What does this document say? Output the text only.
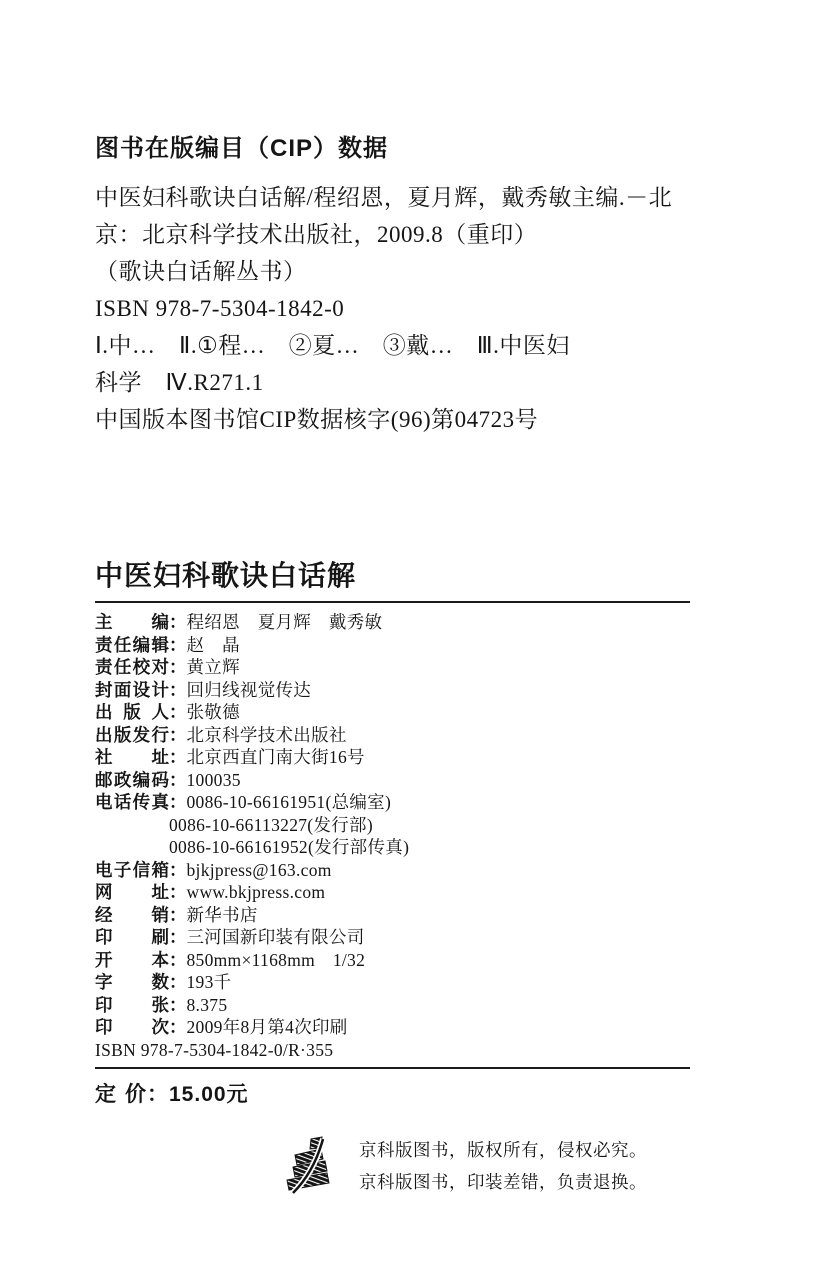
图书在版编目（CIP）数据
中医妇科歌诀白话解/程绍恩，夏月辉，戴秀敏主编.－北
京：北京科学技术出版社，2009.8（重印）
（歌诀白话解丛书）
ISBN 978-7-5304-1842-0
Ⅰ.中…　Ⅱ.①程…　②夏…　③戴…　Ⅲ.中医妇
科学　Ⅳ.R271.1
中国版本图书馆CIP数据核字(96)第04723号
中医妇科歌诀白话解
主编：程绍恩　夏月辉　戴秀敏
责任编辑：赵　晶
责任校对：黄立辉
封面设计：回归线视觉传达
出版人：张敬德
出版发行：北京科学技术出版社
社址：北京西直门南大街16号
邮政编码：100035
电话传真：0086-10-66161951(总编室)
0086-10-66113227(发行部)
0086-10-66161952(发行部传真)
电子信箱：bjkjpress@163.com
网址：www.bkjpress.com
经销：新华书店
印刷：三河国新印装有限公司
开本：850mm×1168mm　1/32
字数：193千
印张：8.375
印次：2009年8月第4次印刷
ISBN 978-7-5304-1842-0/R·355
定价：15.00元
京科版图书，版权所有，侵权必究。
京科版图书，印装差错，负责退换。
